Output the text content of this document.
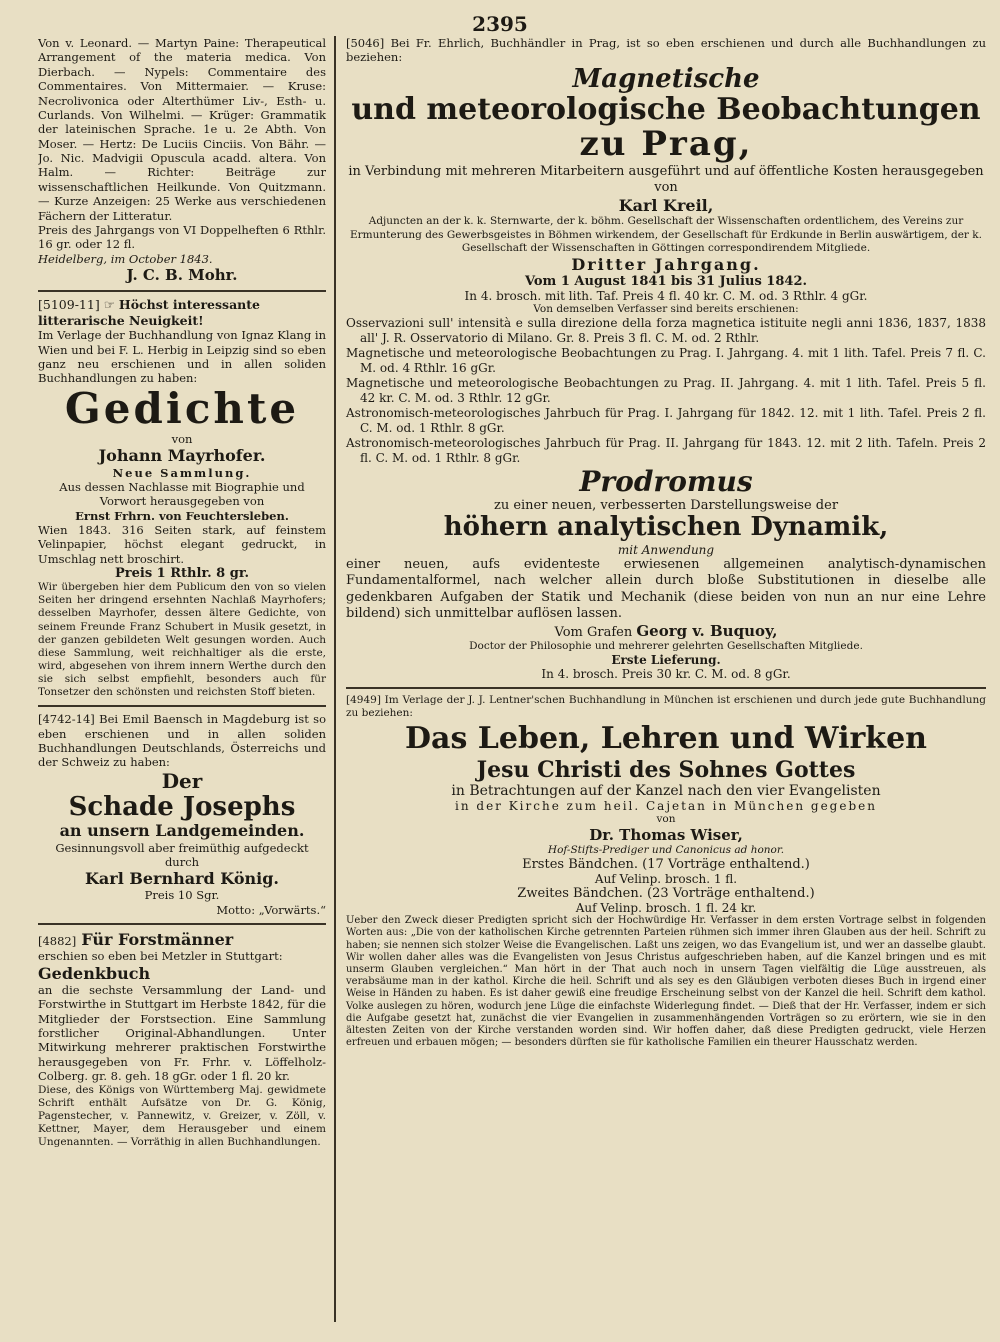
2395
Von v. Leonard. — Martyn Paine: Therapeutical Arrangement of the materia medica. Von Dierbach. — Nypels: Commentaire des Commentaires. Von Mittermaier. — Kruse: Necrolivonica oder Alterthümer Liv-, Esth- u. Curlands. Von Wilhelmi. — Krüger: Grammatik der lateinischen Sprache. 1e u. 2e Abth. Von Moser. — Hertz: De Luciis Cinciis. Von Bähr. — Jo. Nic. Madvigii Opuscula acadd. altera. Von Halm. — Richter: Beiträge zur wissenschaftlichen Heilkunde. Von Quitzmann. — Kurze Anzeigen: 25 Werke aus verschiedenen Fächern der Litteratur.
Preis des Jahrgangs von VI Doppelheften 6 Rthlr. 16 gr. oder 12 fl.
Heidelberg, im October 1843.
J. C. B. Mohr.
[5109-11] ☞ Höchst interessante litterarische Neuigkeit!
Im Verlage der Buchhandlung von Ignaz Klang in Wien und bei F. L. Herbig in Leipzig sind so eben ganz neu erschienen und in allen soliden Buchhandlungen zu haben:
Gedichte
von
Johann Mayrhofer.
Neue Sammlung.
Aus dessen Nachlasse mit Biographie und Vorwort herausgegeben von
Ernst Frhrn. von Feuchtersleben.
Wien 1843. 316 Seiten stark, auf feinstem Velinpapier, höchst elegant gedruckt, in Umschlag nett broschirt.
Preis 1 Rthlr. 8 gr.
Wir übergeben hier dem Publicum den von so vielen Seiten her dringend ersehnten Nachlaß Mayrhofers; desselben Mayrhofer, dessen ältere Gedichte, von seinem Freunde Franz Schubert in Musik gesetzt, in der ganzen gebildeten Welt gesungen worden. Auch diese Sammlung, weit reichhaltiger als die erste, wird, abgesehen von ihrem innern Werthe durch den sie sich selbst empfiehlt, besonders auch für Tonsetzer den schönsten und reichsten Stoff bieten.
[4742-14] Bei Emil Baensch in Magdeburg ist so eben erschienen und in allen soliden Buchhandlungen Deutschlands, Österreichs und der Schweiz zu haben:
Der
Schade Josephs
an unsern Landgemeinden.
Gesinnungsvoll aber freimüthig aufgedeckt durch
Karl Bernhard König.
Preis 10 Sgr.
Motto: „Vorwärts.“
[4882] Für Forstmänner
erschien so eben bei Metzler in Stuttgart:
Gedenkbuch
an die sechste Versammlung der Land- und Forstwirthe in Stuttgart im Herbste 1842, für die Mitglieder der Forstsection. Eine Sammlung forstlicher Original-Abhandlungen. Unter Mitwirkung mehrerer praktischen Forstwirthe herausgegeben von Fr. Frhr. v. Löffelholz-Colberg. gr. 8. geh. 18 gGr. oder 1 fl. 20 kr.
Diese, des Königs von Württemberg Maj. gewidmete Schrift enthält Aufsätze von Dr. G. König, Pagenstecher, v. Pannewitz, v. Greizer, v. Zöll, v. Kettner, Mayer, dem Herausgeber und einem Ungenannten. — Vorräthig in allen Buchhandlungen.
[5046] Bei Fr. Ehrlich, Buchhändler in Prag, ist so eben erschienen und durch alle Buchhandlungen zu beziehen:
Magnetische
und meteorologische Beobachtungen
zu Prag,
in Verbindung mit mehreren Mitarbeitern ausgeführt und auf öffentliche Kosten herausgegeben von
Karl Kreil,
Adjuncten an der k. k. Sternwarte, der k. böhm. Gesellschaft der Wissenschaften ordentlichem, des Vereins zur Ermunterung des Gewerbsgeistes in Böhmen wirkendem, der Gesellschaft für Erdkunde in Berlin auswärtigem, der k. Gesellschaft der Wissenschaften in Göttingen correspondirendem Mitgliede.
Dritter Jahrgang.
Vom 1 August 1841 bis 31 Julius 1842.
In 4. brosch. mit lith. Taf. Preis 4 fl. 40 kr. C. M. od. 3 Rthlr. 4 gGr.
Von demselben Verfasser sind bereits erschienen:
Osservazioni sull' intensità e sulla direzione della forza magnetica istituite negli anni 1836, 1837, 1838 all' J. R. Osservatorio di Milano. Gr. 8. Preis 3 fl. C. M. od. 2 Rthlr.
Magnetische und meteorologische Beobachtungen zu Prag. I. Jahrgang. 4. mit 1 lith. Tafel. Preis 7 fl. C. M. od. 4 Rthlr. 16 gGr.
Magnetische und meteorologische Beobachtungen zu Prag. II. Jahrgang. 4. mit 1 lith. Tafel. Preis 5 fl. 42 kr. C. M. od. 3 Rthlr. 12 gGr.
Astronomisch-meteorologisches Jahrbuch für Prag. I. Jahrgang für 1842. 12. mit 1 lith. Tafel. Preis 2 fl. C. M. od. 1 Rthlr. 8 gGr.
Astronomisch-meteorologisches Jahrbuch für Prag. II. Jahrgang für 1843. 12. mit 2 lith. Tafeln. Preis 2 fl. C. M. od. 1 Rthlr. 8 gGr.
Prodromus
zu einer neuen, verbesserten Darstellungsweise der
höhern analytischen Dynamik,
mit Anwendung
einer neuen, aufs evidenteste erwiesenen allgemeinen analytisch-dynamischen Fundamentalformel, nach welcher allein durch bloße Substitutionen in dieselbe alle gedenkbaren Aufgaben der Statik und Mechanik (diese beiden von nun an nur eine Lehre bildend) sich unmittelbar auflösen lassen.
Vom Grafen Georg v. Buquoy,
Doctor der Philosophie und mehrerer gelehrten Gesellschaften Mitgliede.
Erste Lieferung.
In 4. brosch. Preis 30 kr. C. M. od. 8 gGr.
[4949] Im Verlage der J. J. Lentner'schen Buchhandlung in München ist erschienen und durch jede gute Buchhandlung zu beziehen:
Das Leben, Lehren und Wirken
Jesu Christi des Sohnes Gottes
in Betrachtungen auf der Kanzel nach den vier Evangelisten
in der Kirche zum heil. Cajetan in München gegeben
von
Dr. Thomas Wiser,
Hof-Stifts-Prediger und Canonicus ad honor.
Erstes Bändchen. (17 Vorträge enthaltend.)
Auf Velinp. brosch. 1 fl.
Zweites Bändchen. (23 Vorträge enthaltend.)
Auf Velinp. brosch. 1 fl. 24 kr.
Ueber den Zweck dieser Predigten spricht sich der Hochwürdige Hr. Verfasser in dem ersten Vortrage selbst in folgenden Worten aus: „Die von der katholischen Kirche getrennten Parteien rühmen sich immer ihren Glauben aus der heil. Schrift zu haben; sie nennen sich stolzer Weise die Evangelischen. Laßt uns zeigen, wo das Evangelium ist, und wer an dasselbe glaubt. Wir wollen daher alles was die Evangelisten von Jesus Christus aufgeschrieben haben, auf die Kanzel bringen und es mit unserm Glauben vergleichen.“ Man hört in der That auch noch in unsern Tagen vielfältig die Lüge ausstreuen, als verabsäume man in der kathol. Kirche die heil. Schrift und als sey es den Gläubigen verboten dieses Buch in irgend einer Weise in Händen zu haben. Es ist daher gewiß eine freudige Erscheinung selbst von der Kanzel die heil. Schrift dem kathol. Volke auslegen zu hören, wodurch jene Lüge die einfachste Widerlegung findet. — Dieß that der Hr. Verfasser, indem er sich die Aufgabe gesetzt hat, zunächst die vier Evangelien in zusammenhängenden Vorträgen so zu erörtern, wie sie in den ältesten Zeiten von der Kirche verstanden worden sind. Wir hoffen daher, daß diese Predigten gedruckt, viele Herzen erfreuen und erbauen mögen; — besonders dürften sie für katholische Familien ein theurer Hausschatz werden.
